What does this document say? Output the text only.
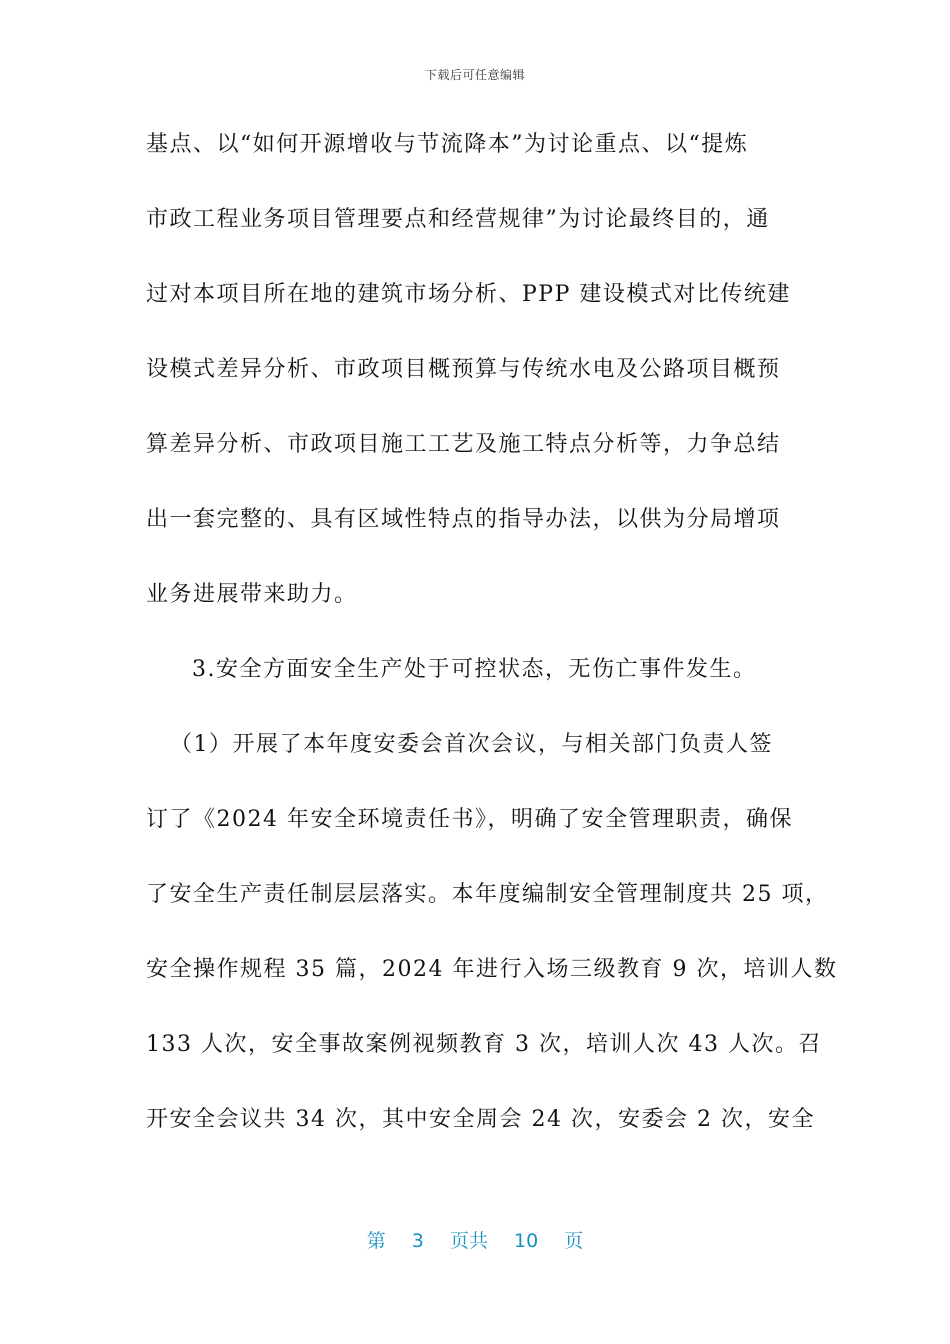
下载后可任意编辑
基点、以“如何开源增收与节流降本”为讨论重点、以“提炼
市政工程业务项目管理要点和经营规律”为讨论最终目的，通
过对本项目所在地的建筑市场分析、PPP 建设模式对比传统建
设模式差异分析、市政项目概预算与传统水电及公路项目概预
算差异分析、市政项目施工工艺及施工特点分析等，力争总结
出一套完整的、具有区域性特点的指导办法，以供为分局增项
业务进展带来助力。
3.安全方面安全生产处于可控状态，无伤亡事件发生。
（1）开展了本年度安委会首次会议，与相关部门负责人签
订了《2024 年安全环境责任书》，明确了安全管理职责，确保
了安全生产责任制层层落实。本年度编制安全管理制度共 25 项，
安全操作规程 35 篇，2024 年进行入场三级教育 9 次，培训人数
133 人次，安全事故案例视频教育 3 次，培训人次 43 人次。召
开安全会议共 34 次，其中安全周会 24 次，安委会 2 次，安全
第 3 页共 10 页
